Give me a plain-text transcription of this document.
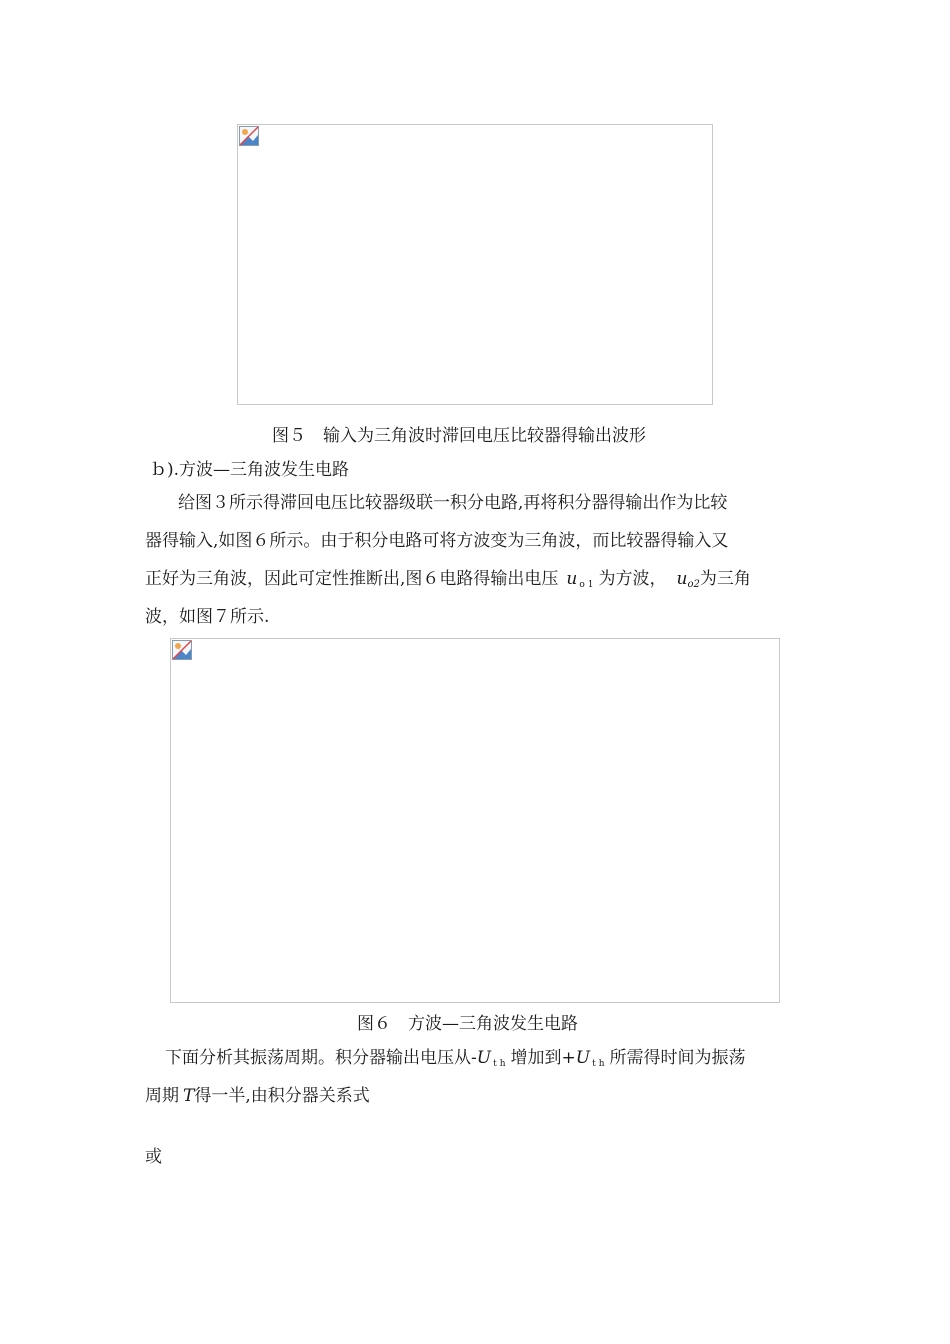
图５　输入为三角波时滞回电压比较器得输出波形
ｂ).方波—三角波发生电路
给图３所示得滞回电压比较器级联一积分电路,再将积分器得输出作为比较
器得输入,如图６所示。由于积分电路可将方波变为三角波，而比较器得输入又
正好为三角波，因此可定性推断出,图６电路得输出电压 u $_{o1}$ 为方波， uo2为三角
波，如图７所示.
图６　方波—三角波发生电路
下面分析其振荡周期。积分器输出电压从-U $_{th}$ 增加到+U $_{th}$ 所需得时间为振荡
周期 T得一半,由积分器关系式
或
